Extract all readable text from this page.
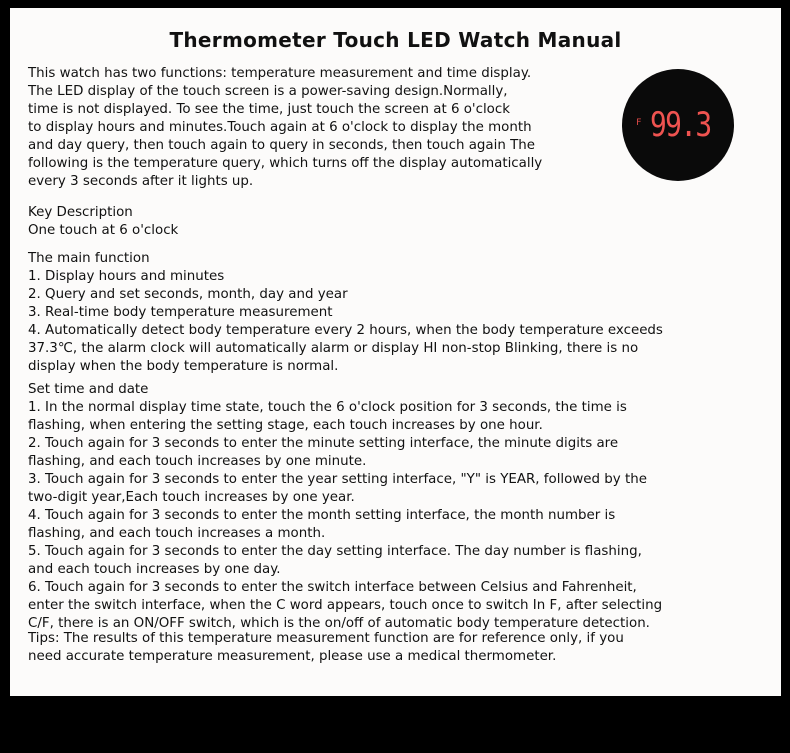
Thermometer Touch LED Watch Manual
This watch has two functions: temperature measurement and time display.
The LED display of the touch screen is a power-saving design.Normally,
time is not displayed. To see the time, just touch the screen at 6 o'clock
to display hours and minutes.Touch again at 6 o'clock to display the month
and day query, then touch again to query in seconds, then touch again The
following is the temperature query, which turns off the display automatically
every 3 seconds after it lights up.
F 99.3
Key Description
One touch at 6 o'clock
The main function
1. Display hours and minutes
2. Query and set seconds, month, day and year
3. Real-time body temperature measurement
4. Automatically detect body temperature every 2 hours, when the body temperature exceeds
37.3℃, the alarm clock will automatically alarm or display HI non-stop Blinking, there is no
display when the body temperature is normal.
Set time and date
1. In the normal display time state, touch the 6 o'clock position for 3 seconds, the time is
flashing, when entering the setting stage, each touch increases by one hour.
2. Touch again for 3 seconds to enter the minute setting interface, the minute digits are
flashing, and each touch increases by one minute.
3. Touch again for 3 seconds to enter the year setting interface, "Y" is YEAR, followed by the
two-digit year,Each touch increases by one year.
4. Touch again for 3 seconds to enter the month setting interface, the month number is
flashing, and each touch increases a month.
5. Touch again for 3 seconds to enter the day setting interface. The day number is flashing,
and each touch increases by one day.
6. Touch again for 3 seconds to enter the switch interface between Celsius and Fahrenheit,
enter the switch interface, when the C word appears, touch once to switch In F, after selecting
C/F, there is an ON/OFF switch, which is the on/off of automatic body temperature detection.
Tips: The results of this temperature measurement function are for reference only, if you
need accurate temperature measurement, please use a medical thermometer.
